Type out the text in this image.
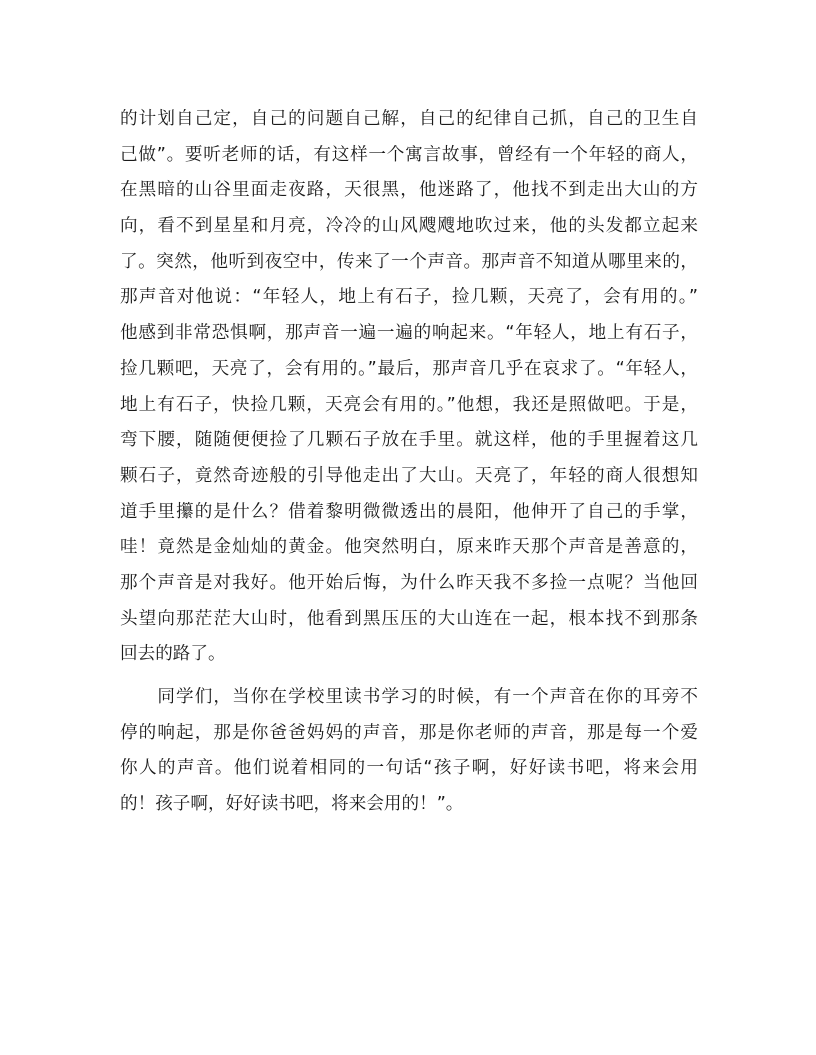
的计划自己定，自己的问题自己解，自己的纪律自己抓，自己的卫生自
己做”。要听老师的话，有这样一个寓言故事，曾经有一个年轻的商人，
在黑暗的山谷里面走夜路，天很黑，他迷路了，他找不到走出大山的方
向，看不到星星和月亮，冷冷的山风飕飕地吹过来，他的头发都立起来
了。突然，他听到夜空中，传来了一个声音。那声音不知道从哪里来的，
那声音对他说：“年轻人，地上有石子，捡几颗，天亮了，会有用的。”
他感到非常恐惧啊，那声音一遍一遍的响起来。“年轻人，地上有石子，
捡几颗吧，天亮了，会有用的。”最后，那声音几乎在哀求了。“年轻人，
地上有石子，快捡几颗，天亮会有用的。”他想，我还是照做吧。于是，
弯下腰，随随便便捡了几颗石子放在手里。就这样，他的手里握着这几
颗石子，竟然奇迹般的引导他走出了大山。天亮了，年轻的商人很想知
道手里攥的是什么？借着黎明微微透出的晨阳，他伸开了自己的手掌，
哇！竟然是金灿灿的黄金。他突然明白，原来昨天那个声音是善意的，
那个声音是对我好。他开始后悔，为什么昨天我不多捡一点呢？当他回
头望向那茫茫大山时，他看到黑压压的大山连在一起，根本找不到那条
回去的路了。
　　同学们，当你在学校里读书学习的时候，有一个声音在你的耳旁不
停的响起，那是你爸爸妈妈的声音，那是你老师的声音，那是每一个爱
你人的声音。他们说着相同的一句话“孩子啊，好好读书吧，将来会用
的！孩子啊，好好读书吧，将来会用的！”。
